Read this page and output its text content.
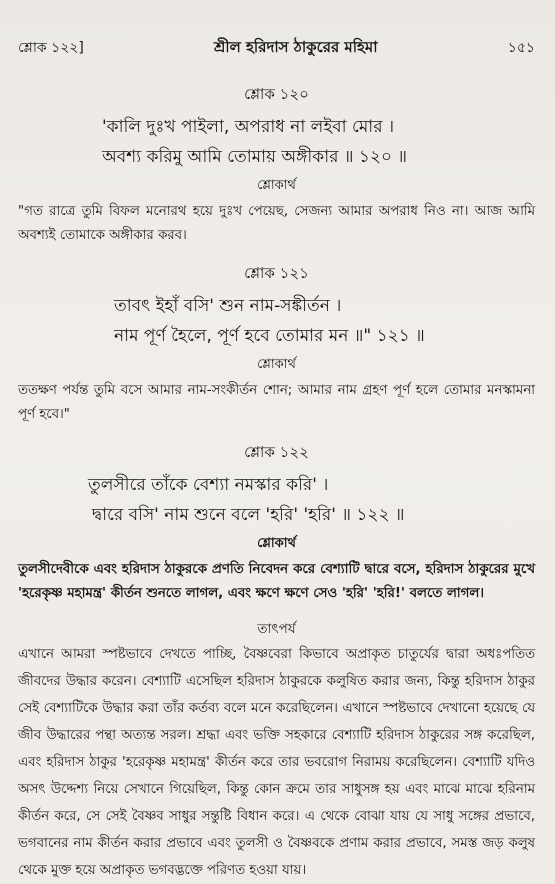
শ্লোক ১২২]	শ্রীল হরিদাস ঠাকুরের মহিমা	১৫১
শ্লোক ১২০
'কালি দুঃখ পাইলা, অপরাধ না লইবা মোর ।
অবশ্য করিমু আমি তোমায় অঙ্গীকার ॥ ১২০ ॥
শ্লোকার্থ

"গত রাত্রে তুমি বিফল মনোরথ হয়ে দুঃখ পেয়েছ, সেজন্য আমার অপরাধ নিও না। আজ আমি অবশ্যই তোমাকে অঙ্গীকার করব।

শ্লোক ১২১
তাবৎ ইহাঁ বসি' শুন নাম-সঙ্কীর্তন ।
নাম পূর্ণ হৈলে, পূর্ণ হবে তোমার মন ॥" ১২১ ॥
শ্লোকার্থ

ততক্ষণ পর্যন্ত তুমি বসে আমার নাম-সংকীর্তন শোন; আমার নাম গ্রহণ পূর্ণ হলে তোমার মনস্কামনা পূর্ণ হবে।"

শ্লোক ১২২
তুলসীরে তাঁকে বেশ্যা নমস্কার করি' ।
দ্বারে বসি' নাম শুনে বলে 'হরি' 'হরি' ॥ ১২২ ॥
শ্লোকার্থ

তুলসীদেবীকে এবং হরিদাস ঠাকুরকে প্রণতি নিবেদন করে বেশ্যাটি দ্বারে বসে, হরিদাস ঠাকুরের মুখে 'হরেকৃষ্ণ মহামন্ত্র' কীর্তন শুনতে লাগল, এবং ক্ষণে ক্ষণে সেও 'হরি' 'হরি!' বলতে লাগল।

তাৎপর্য

এখানে আমরা স্পষ্টভাবে দেখতে পাচ্ছি, বৈষ্ণবেরা কিভাবে অপ্রাকৃত চাতুর্যের দ্বারা অধঃপতিত জীবদের উদ্ধার করেন। বেশ্যাটি এসেছিল হরিদাস ঠাকুরকে কলুষিত করার জন্য, কিন্তু হরিদাস ঠাকুর সেই বেশ্যাটিকে উদ্ধার করা তাঁর কর্তব্য বলে মনে করেছিলেন। এখানে স্পষ্টভাবে দেখানো হয়েছে যে জীব উদ্ধারের পন্থা অত্যন্ত সরল। শ্রদ্ধা এবং ভক্তি সহকারে বেশ্যাটি হরিদাস ঠাকুরের সঙ্গ করেছিল, এবং হরিদাস ঠাকুর 'হরেকৃষ্ণ মহামন্ত্র' কীর্তন করে তার ভবরোগ নিরাময় করেছিলেন। বেশ্যাটি যদিও অসৎ উদ্দেশ্য নিয়ে সেখানে গিয়েছিল, কিন্তু কোন ক্রমে তার সাধুসঙ্গ হয় এবং মাঝে মাঝে হরিনাম কীর্তন করে, সে সেই বৈষ্ণব সাধুর সন্তুষ্টি বিধান করে। এ থেকে বোঝা যায় যে সাধু সঙ্গের প্রভাবে, ভগবানের নাম কীর্তন করার প্রভাবে এবং তুলসী ও বৈষ্ণবকে প্রণাম করার প্রভাবে, সমস্ত জড় কলুষ থেকে মুক্ত হয়ে অপ্রাকৃত ভগবদ্ভক্তে পরিণত হওয়া যায়।
